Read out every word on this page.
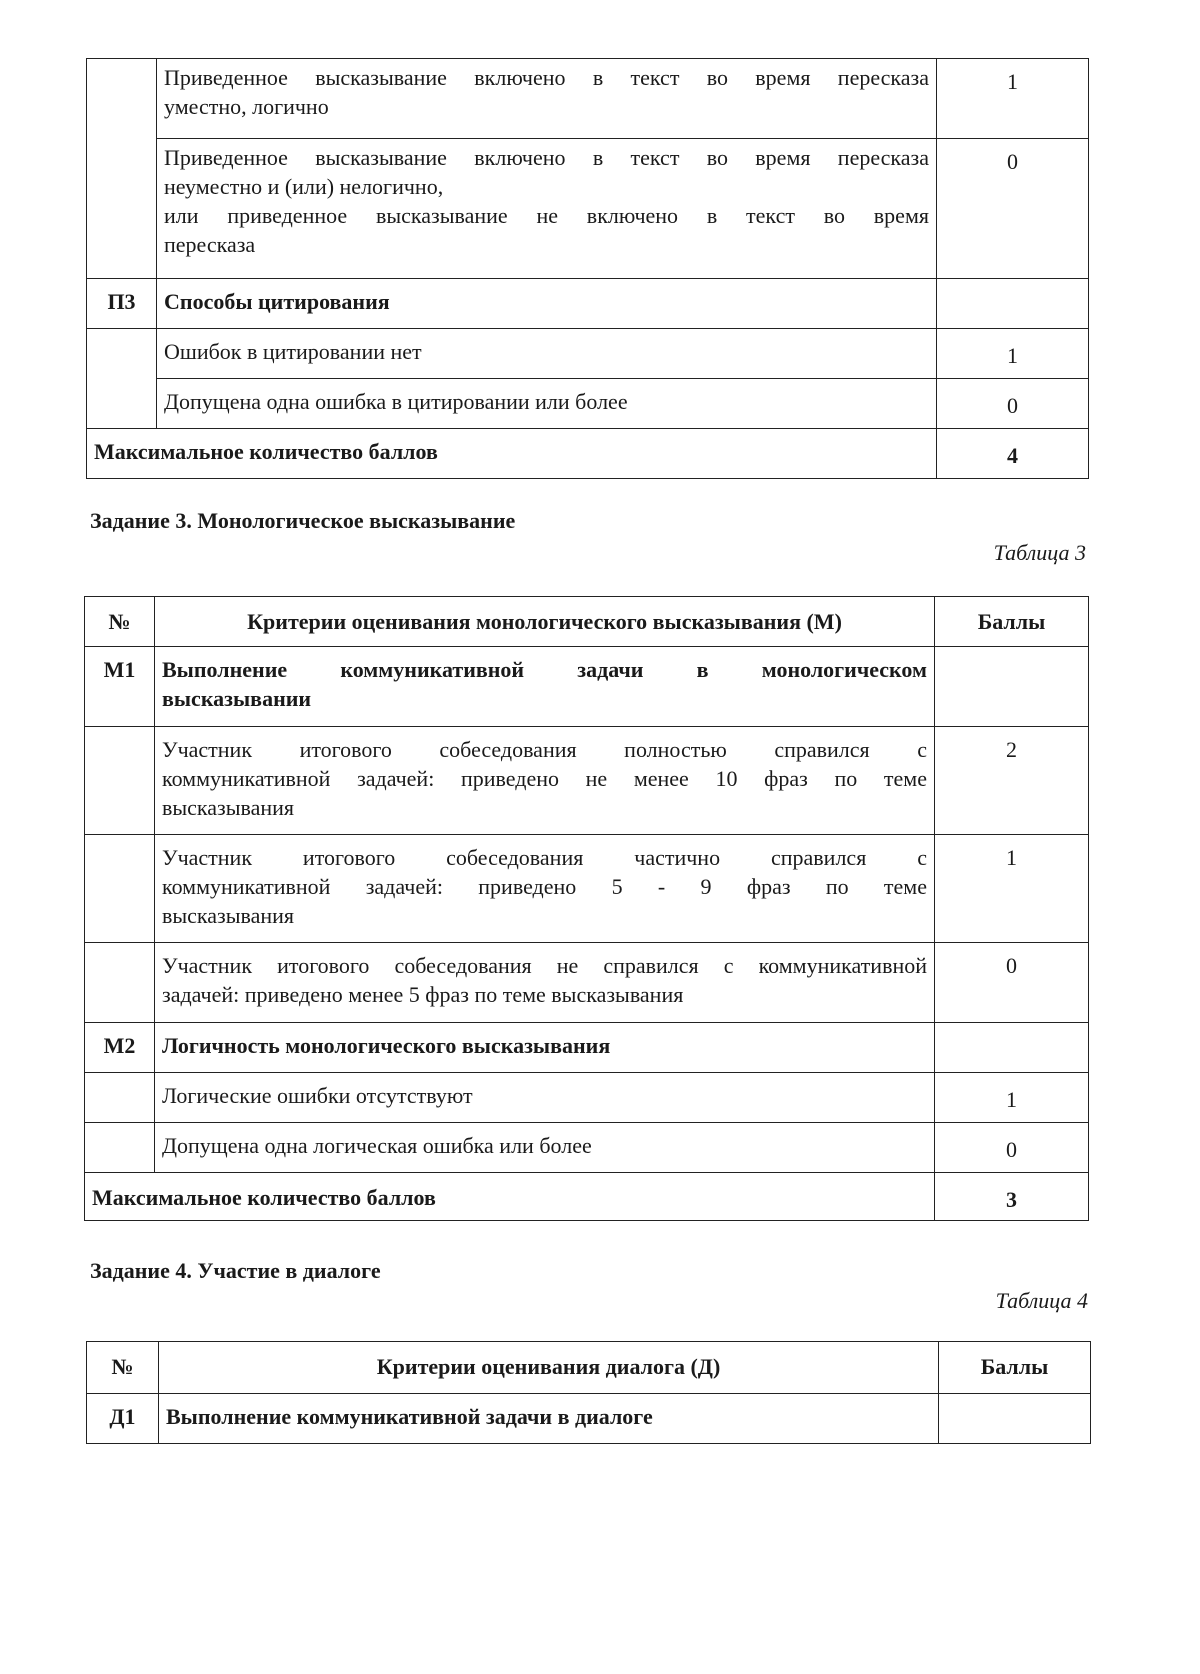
	Приведенное высказывание включено в текст во время пересказа
уместно, логично	1

	Приведенное высказывание включено в текст во время пересказа
неуместно и (или) нелогично,
или приведенное высказывание не включено в текст во время
пересказа	0
П3	Способы цитирования	
	Ошибок в цитировании нет	1
	Допущена одна ошибка в цитировании или более	0
Максимальное количество баллов		4
Задание 3. Монологическое высказывание
Таблица 3
№	Критерии оценивания монологического высказывания (М)	Баллы
М1	Выполнение коммуникативной задачи в монологическом
высказывании	

	Участник итогового собеседования полностью справился с
коммуникативной задачей: приведено не менее 10 фраз по теме
высказывания	2

	Участник итогового собеседования частично справился с
коммуникативной задачей: приведено 5 - 9 фраз по теме
высказывания	1

	Участник итогового собеседования не справился с коммуникативной
задачей: приведено менее 5 фраз по теме высказывания	0
М2	Логичность монологического высказывания	
	Логические ошибки отсутствуют	1
	Допущена одна логическая ошибка или более	0
Максимальное количество баллов		3
Задание 4. Участие в диалоге
Таблица 4
№	Критерии оценивания диалога (Д)	Баллы
Д1	Выполнение коммуникативной задачи в диалоге	
